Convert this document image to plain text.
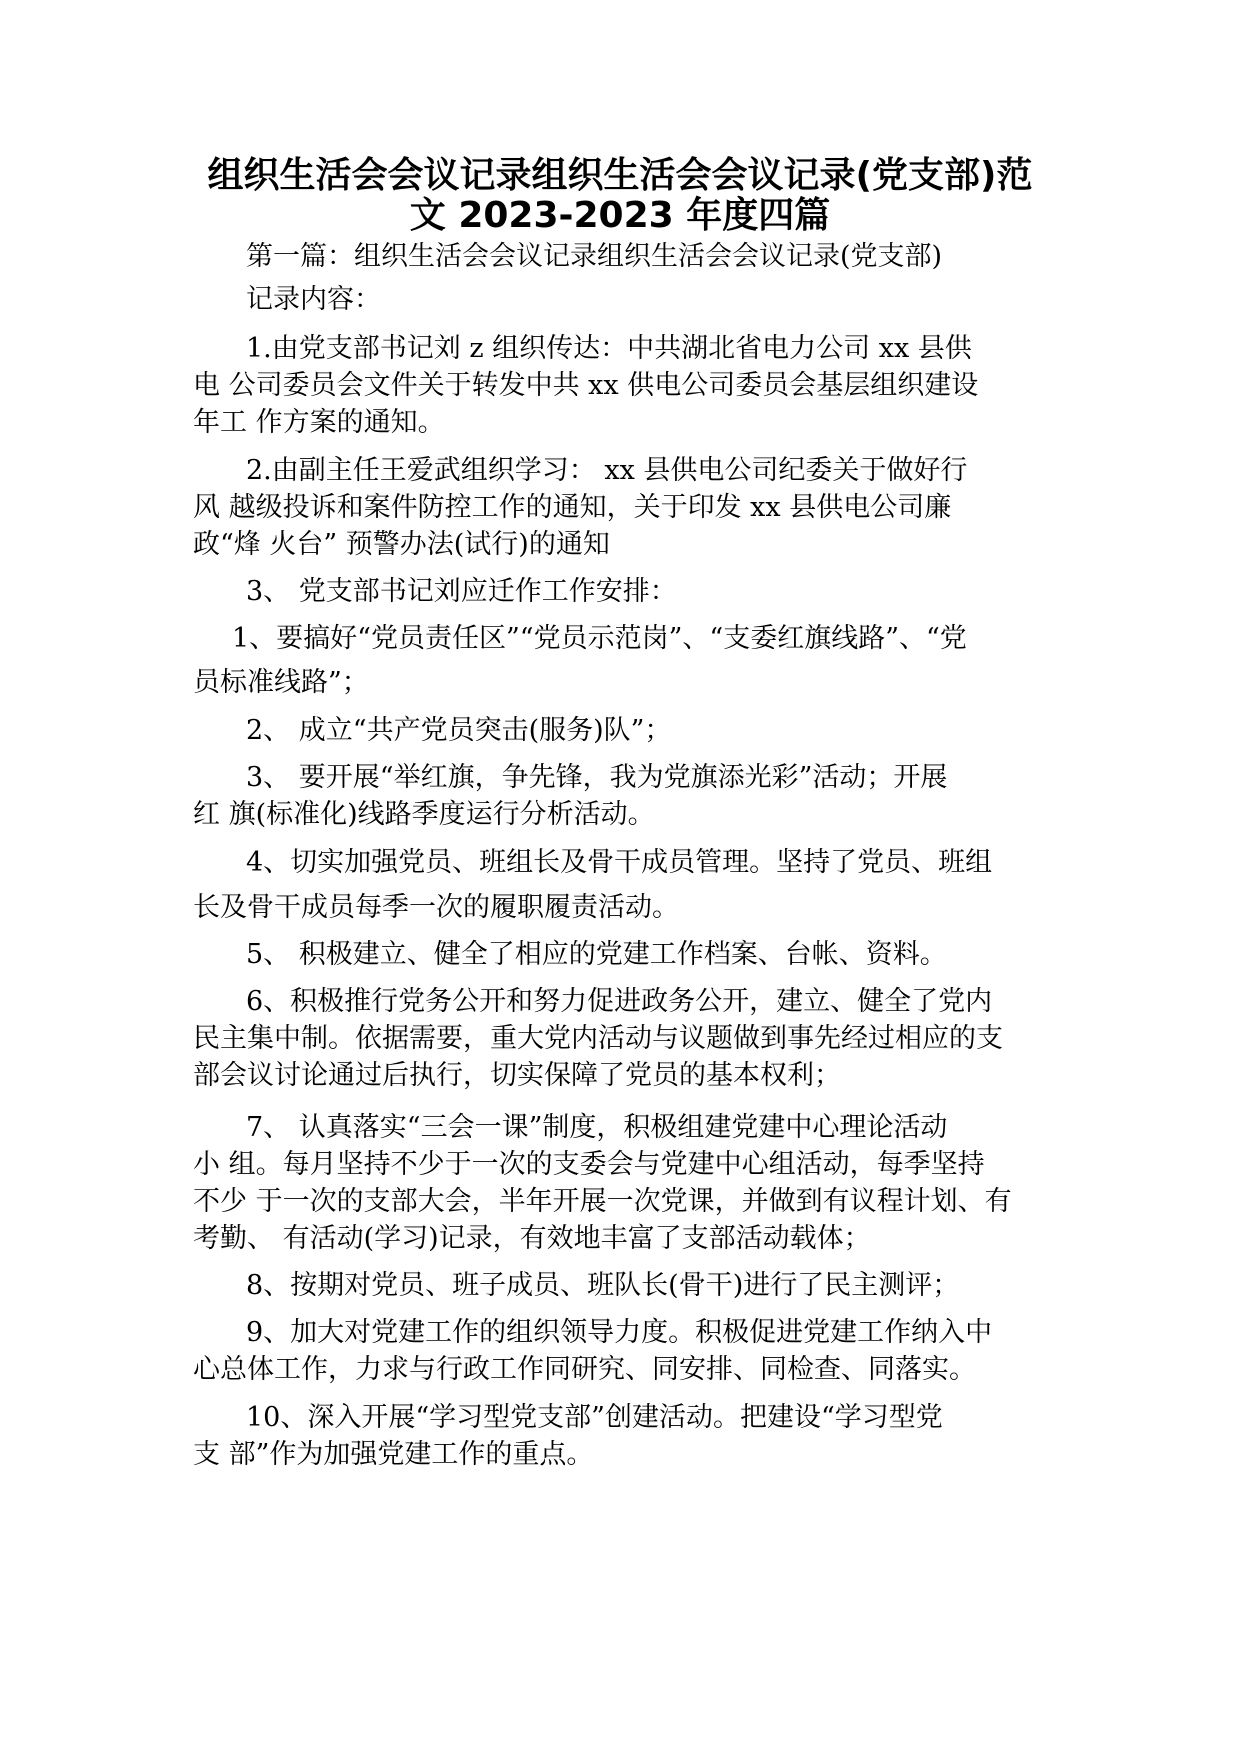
组织生活会会议记录组织生活会会议记录(党支部)范
文 2023-2023 年度四篇

第一篇：组织生活会会议记录组织生活会会议记录(党支部)

记录内容：

1.由党支部书记刘 z 组织传达：中共湖北省电力公司 xx 县供

电 公司委员会文件关于转发中共 xx 供电公司委员会基层组织建设

年工 作方案的通知。

2.由副主任王爱武组织学习： xx 县供电公司纪委关于做好行

风 越级投诉和案件防控工作的通知，关于印发 xx 县供电公司廉

政“烽 火台” 预警办法(试行)的通知

3、 党支部书记刘应迁作工作安排：

1、要搞好“党员责任区”“党员示范岗”、“支委红旗线路”、“党

员标准线路”；

2、 成立“共产党员突击(服务)队”；

3、 要开展“举红旗，争先锋，我为党旗添光彩”活动；开展

红 旗(标准化)线路季度运行分析活动。

4、切实加强党员、班组长及骨干成员管理。坚持了党员、班组

长及骨干成员每季一次的履职履责活动。

5、 积极建立、健全了相应的党建工作档案、台帐、资料。

6、积极推行党务公开和努力促进政务公开，建立、健全了党内

民主集中制。依据需要，重大党内活动与议题做到事先经过相应的支

部会议讨论通过后执行，切实保障了党员的基本权利；

7、 认真落实“三会一课”制度，积极组建党建中心理论活动

小 组。每月坚持不少于一次的支委会与党建中心组活动，每季坚持

不少 于一次的支部大会，半年开展一次党课，并做到有议程计划、有

考勤、 有活动(学习)记录，有效地丰富了支部活动载体；

8、按期对党员、班子成员、班队长(骨干)进行了民主测评；

9、加大对党建工作的组织领导力度。积极促进党建工作纳入中

心总体工作，力求与行政工作同研究、同安排、同检查、同落实。

10、深入开展“学习型党支部”创建活动。把建设“学习型党

支 部”作为加强党建工作的重点。
